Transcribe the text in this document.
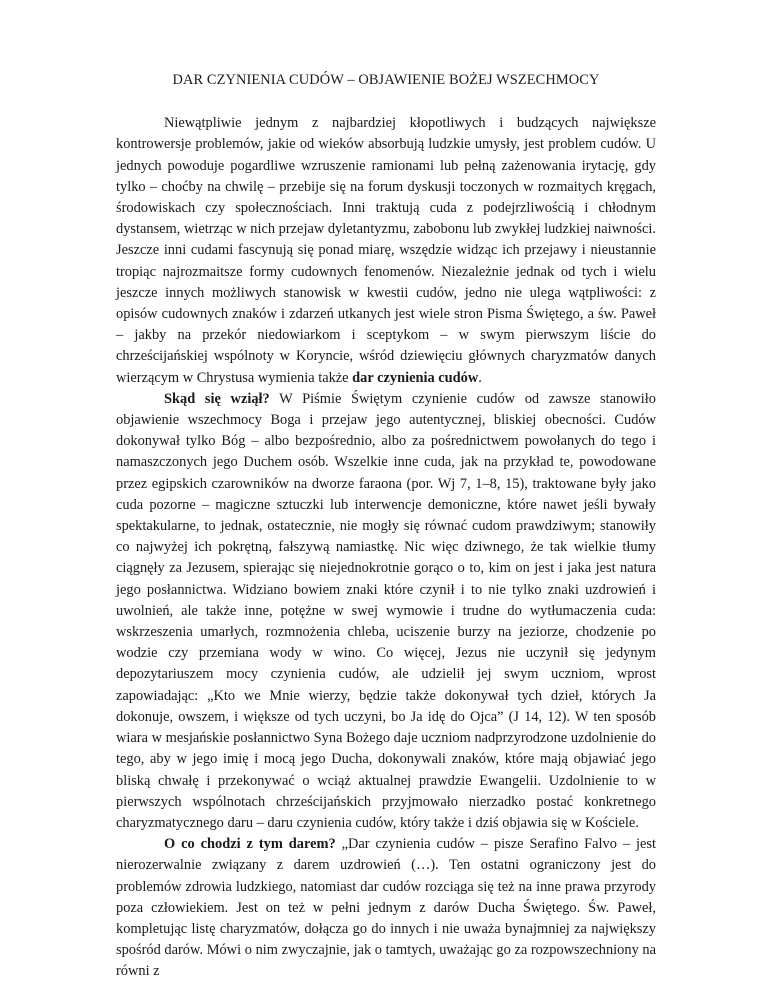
DAR CZYNIENIA CUDÓW – OBJAWIENIE BOŻEJ WSZECHMOCY

Niewątpliwie jednym z najbardziej kłopotliwych i budzących największe kontrowersje problemów, jakie od wieków absorbują ludzkie umysły, jest problem cudów. U jednych powoduje pogardliwe wzruszenie ramionami lub pełną zażenowania irytację, gdy tylko – choćby na chwilę – przebije się na forum dyskusji toczonych w rozmaitych kręgach, środowiskach czy społecznościach. Inni traktują cuda z podejrzliwością i chłodnym dystansem, wietrząc w nich przejaw dyletantyzmu, zabobonu lub zwykłej ludzkiej naiwności. Jeszcze inni cudami fascynują się ponad miarę, wszędzie widząc ich przejawy i nieustannie tropiąc najrozmaitsze formy cudownych fenomenów. Niezależnie jednak od tych i wielu jeszcze innych możliwych stanowisk w kwestii cudów, jedno nie ulega wątpliwości: z opisów cudownych znaków i zdarzeń utkanych jest wiele stron Pisma Świętego, a św. Paweł – jakby na przekór niedowiarkom i sceptykom – w swym pierwszym liście do chrześcijańskiej wspólnoty w Koryncie, wśród dziewięciu głównych charyzmatów danych wierzącym w Chrystusa wymienia także dar czynienia cudów.

Skąd się wziął? W Piśmie Świętym czynienie cudów od zawsze stanowiło objawienie wszechmocy Boga i przejaw jego autentycznej, bliskiej obecności. Cudów dokonywał tylko Bóg – albo bezpośrednio, albo za pośrednictwem powołanych do tego i namaszczonych jego Duchem osób. Wszelkie inne cuda, jak na przykład te, powodowane przez egipskich czarowników na dworze faraona (por. Wj 7, 1–8, 15), traktowane były jako cuda pozorne – magiczne sztuczki lub interwencje demoniczne, które nawet jeśli bywały spektakularne, to jednak, ostatecznie, nie mogły się równać cudom prawdziwym; stanowiły co najwyżej ich pokrętną, fałszywą namiastkę. Nic więc dziwnego, że tak wielkie tłumy ciągnęły za Jezusem, spierając się niejednokrotnie gorąco o to, kim on jest i jaka jest natura jego posłannictwa. Widziano bowiem znaki które czynił i to nie tylko znaki uzdrowień i uwolnień, ale także inne, potężne w swej wymowie i trudne do wytłumaczenia cuda: wskrzeszenia umarłych, rozmnożenia chleba, uciszenie burzy na jeziorze, chodzenie po wodzie czy przemiana wody w wino. Co więcej, Jezus nie uczynił się jedynym depozytariuszem mocy czynienia cudów, ale udzielił jej swym uczniom, wprost zapowiadając: „Kto we Mnie wierzy, będzie także dokonywał tych dzieł, których Ja dokonuje, owszem, i większe od tych uczyni, bo Ja idę do Ojca” (J 14, 12). W ten sposób wiara w mesjańskie posłannictwo Syna Bożego daje uczniom nadprzyrodzone uzdolnienie do tego, aby w jego imię i mocą jego Ducha, dokonywali znaków, które mają objawiać jego bliską chwałę i przekonywać o wciąż aktualnej prawdzie Ewangelii. Uzdolnienie to w pierwszych wspólnotach chrześcijańskich przyjmowało nierzadko postać konkretnego charyzmatycznego daru – daru czynienia cudów, który także i dziś objawia się w Kościele.

O co chodzi z tym darem? „Dar czynienia cudów – pisze Serafino Falvo – jest nierozerwalnie związany z darem uzdrowień (…). Ten ostatni ograniczony jest do problemów zdrowia ludzkiego, natomiast dar cudów rozciąga się też na inne prawa przyrody poza człowiekiem. Jest on też w pełni jednym z darów Ducha Świętego. Św. Paweł, kompletując listę charyzmatów, dołącza go do innych i nie uważa bynajmniej za największy spośród darów. Mówi o nim zwyczajnie, jak o tamtych, uważając go za rozpowszechniony na równi z
